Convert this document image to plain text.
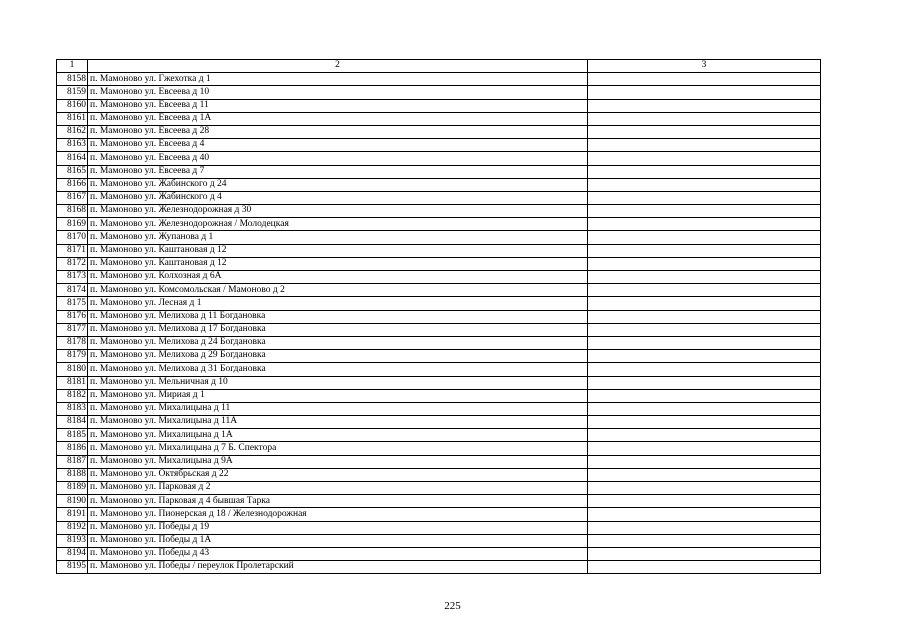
1	2	3
8158	п. Мамоново ул. Гжехотка д 1	
8159	п. Мамоново ул. Евсеева д 10	
8160	п. Мамоново ул. Евсеева д 11	
8161	п. Мамоново ул. Евсеева д 1А	
8162	п. Мамоново ул. Евсеева д 28	
8163	п. Мамоново ул. Евсеева д 4	
8164	п. Мамоново ул. Евсеева д 40	
8165	п. Мамоново ул. Евсеева д 7	
8166	п. Мамоново ул. Жабинского д 24	
8167	п. Мамоново ул. Жабинского д 4	
8168	п. Мамоново ул. Железнодорожная д 30	
8169	п. Мамоново ул. Железнодорожная / Молодецкая	
8170	п. Мамоново ул. Жупанова д 1	
8171	п. Мамоново ул. Каштановая д 12	
8172	п. Мамоново ул. Каштановая д 12	
8173	п. Мамоново ул. Колхозная д 6А	
8174	п. Мамоново ул. Комсомольская / Мамоново д 2	
8175	п. Мамоново ул. Лесная д 1	
8176	п. Мамоново ул. Мелихова д 11 Богдановка	
8177	п. Мамоново ул. Мелихова д 17 Богдановка	
8178	п. Мамоново ул. Мелихова д 24 Богдановка	
8179	п. Мамоново ул. Мелихова д 29 Богдановка	
8180	п. Мамоново ул. Мелихова д 31 Богдановка	
8181	п. Мамоново ул. Мельничная д 10	
8182	п. Мамоново ул. Мириая д 1	
8183	п. Мамоново ул. Михалицына д 11	
8184	п. Мамоново ул. Михалицына д 11А	
8185	п. Мамоново ул. Михалицына д 1А	
8186	п. Мамоново ул. Михалицына д 7 Б. Спектора	
8187	п. Мамоново ул. Михалицына д 9А	
8188	п. Мамоново ул. Октябрьская д 22	
8189	п. Мамоново ул. Парковая д 2	
8190	п. Мамоново ул. Парковая д 4 бывшая Тарка	
8191	п. Мамоново ул. Пионерская д 18 / Железнодорожная	
8192	п. Мамоново ул. Победы д 19	
8193	п. Мамоново ул. Победы д 1А	
8194	п. Мамоново ул. Победы д 43	
8195	п. Мамоново ул. Победы / переулок Пролетарский	
225
